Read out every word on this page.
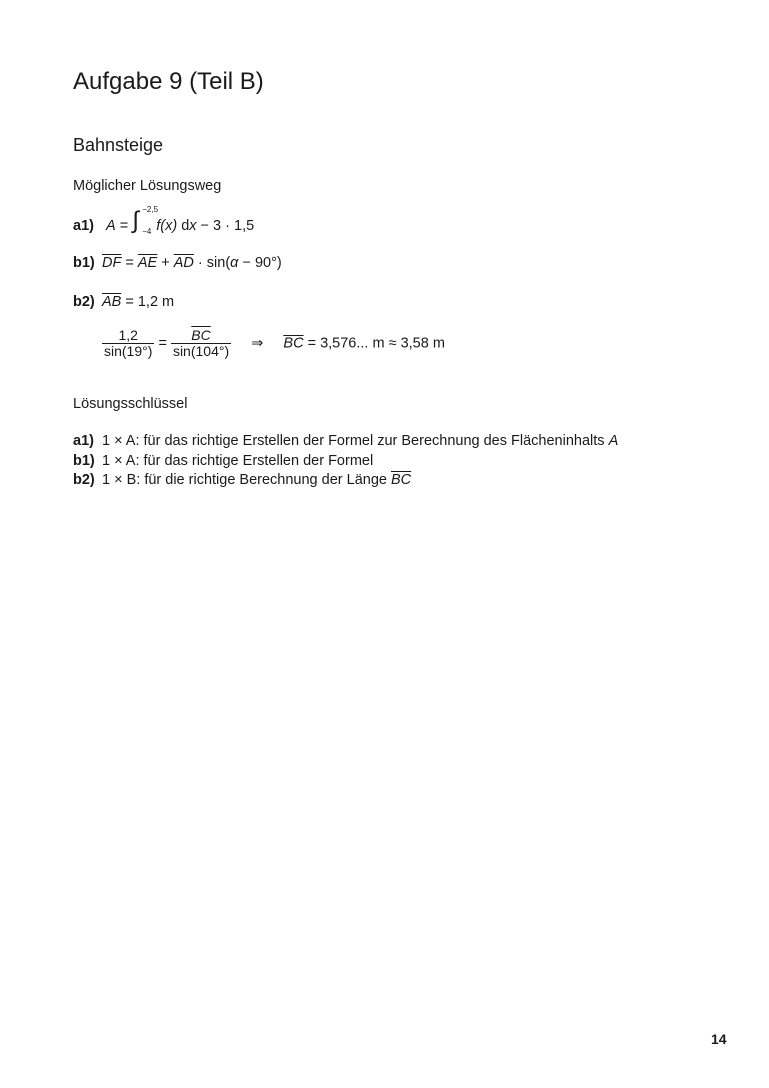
Aufgabe 9 (Teil B)
Bahnsteige
Möglicher Lösungsweg
a1) A = ∫ −2,5
−4 f(x) dx − 3 · 1,5
b1) $\overline{DF} = \overline{AE} + \overline{AD} \cdot \sin(\alpha - 90^\circ)$
b2) $\overline{AB} = 1,2$ m
$\frac{1,2}{\sin(19^\circ)} = \frac{\overline{BC}}{\sin(104^\circ)}$ ⇒ $\overline{BC} = 3,576$... m ≈ 3,58 m
Lösungsschlüssel
a1) 1 × A: für das richtige Erstellen der Formel zur Berechnung des Flächeninhalts A
b1) 1 × A: für das richtige Erstellen der Formel
b2) 1 × B: für die richtige Berechnung der Länge $\overline{BC}$
14
